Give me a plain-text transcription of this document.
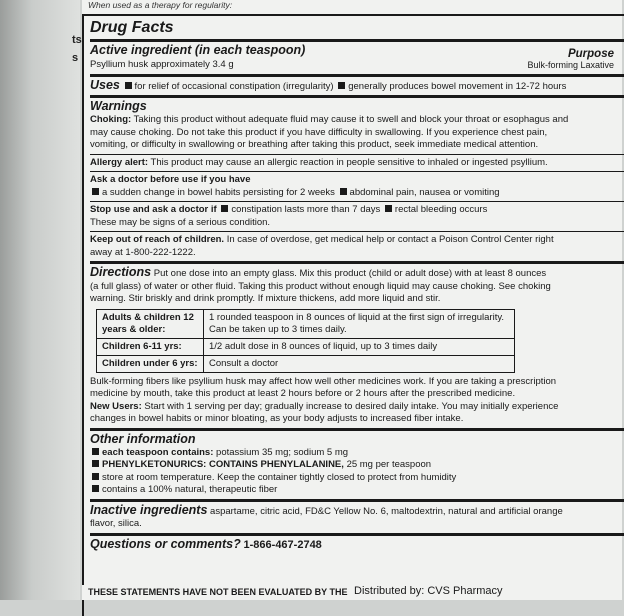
ts
s
When used as a therapy for regularity:
Drug Facts
Active ingredient (in each teaspoon)	Purpose
Psyllium husk approximately 3.4 g	Bulk-forming Laxative
Uses for relief of occasional constipation (irregularity) generally produces bowel movement in 12-72 hours
Warnings
Choking: Taking this product without adequate fluid may cause it to swell and block your throat or esophagus and
may cause choking. Do not take this product if you have difficulty in swallowing. If you experience chest pain,
vomiting, or difficulty in swallowing or breathing after taking this product, seek immediate medical attention.
Allergy alert: This product may cause an allergic reaction in people sensitive to inhaled or ingested psyllium.
Ask a doctor before use if you have
a sudden change in bowel habits persisting for 2 weeks abdominal pain, nausea or vomiting
Stop use and ask a doctor if constipation lasts more than 7 days rectal bleeding occurs
These may be signs of a serious condition.
Keep out of reach of children. In case of overdose, get medical help or contact a Poison Control Center right
away at 1-800-222-1222.
Directions Put one dose into an empty glass. Mix this product (child or adult dose) with at least 8 ounces
(a full glass) of water or other fluid. Taking this product without enough liquid may cause choking. See choking
warning. Stir briskly and drink promptly. If mixture thickens, add more liquid and stir.
Adults & children 12 years & older:	1 rounded teaspoon in 8 ounces of liquid at the first sign of irregularity.
Can be taken up to 3 times daily.
Children 6-11 yrs:	1/2 adult dose in 8 ounces of liquid, up to 3 times daily
Children under 6 yrs:	Consult a doctor
Bulk-forming fibers like psyllium husk may affect how well other medicines work. If you are taking a prescription
medicine by mouth, take this product at least 2 hours before or 2 hours after the prescribed medicine.
New Users: Start with 1 serving per day; gradually increase to desired daily intake. You may initially experience
changes in bowel habits or minor bloating, as your body adjusts to increased fiber intake.
Other information
each teaspoon contains: potassium 35 mg; sodium 5 mg
PHENYLKETONURICS: CONTAINS PHENYLALANINE, 25 mg per teaspoon
store at room temperature. Keep the container tightly closed to protect from humidity
contains a 100% natural, therapeutic fiber
Inactive ingredients aspartame, citric acid, FD&C Yellow No. 6, maltodextrin, natural and artificial orange
flavor, silica.
Questions or comments? 1-866-467-2748
THESE STATEMENTS HAVE NOT BEEN EVALUATED BY THE Distributed by: CVS Pharmacy
